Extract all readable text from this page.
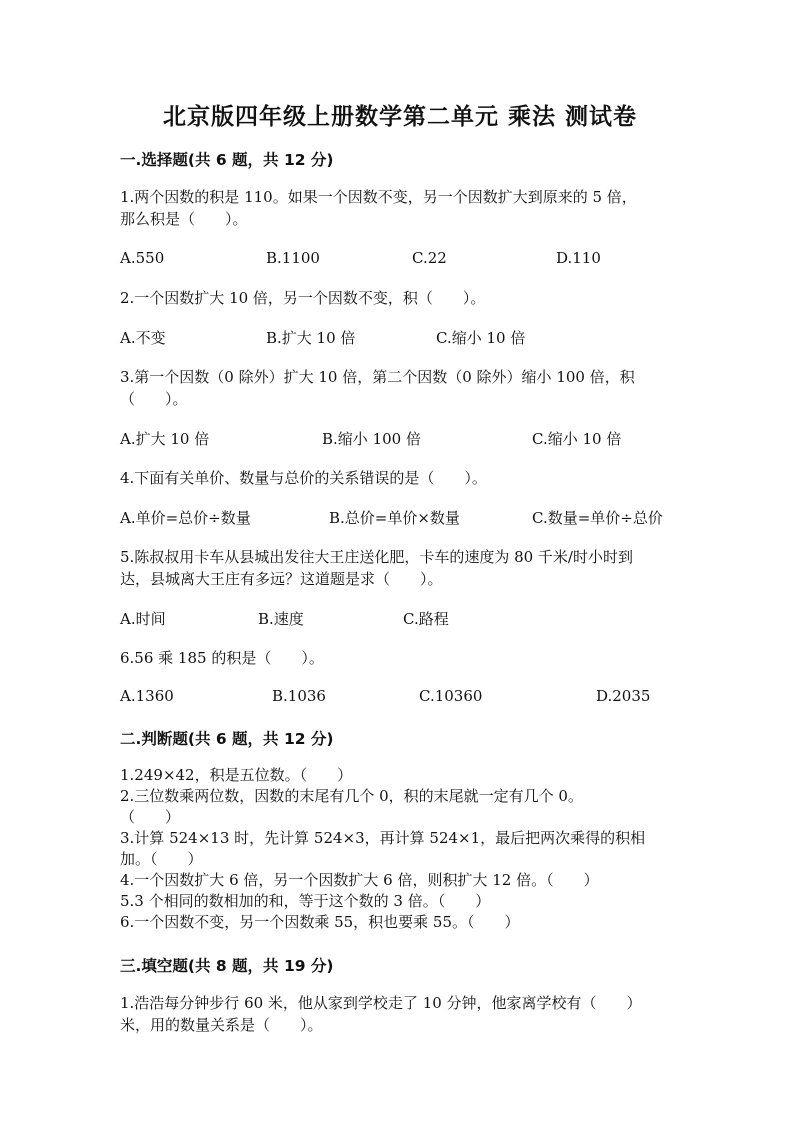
北京版四年级上册数学第二单元 乘法 测试卷
一.选择题(共 6 题，共 12 分)
1.两个因数的积是 110。如果一个因数不变，另一个因数扩大到原来的 5 倍，
那么积是（　　）。
A.550	B.1100	C.22	D.110
2.一个因数扩大 10 倍，另一个因数不变，积（　　）。
A.不变	B.扩大 10 倍	C.缩小 10 倍
3.第一个因数（0 除外）扩大 10 倍，第二个因数（0 除外）缩小 100 倍，积
（　　）。
A.扩大 10 倍	B.缩小 100 倍	C.缩小 10 倍
4.下面有关单价、数量与总价的关系错误的是（　　）。
A.单价=总价÷数量	B.总价=单价×数量	C.数量=单价÷总价
5.陈叔叔用卡车从县城出发往大王庄送化肥，卡车的速度为 80 千米/时小时到
达，县城离大王庄有多远？这道题是求（　　）。
A.时间	B.速度	C.路程
6.56 乘 185 的积是（　　）。
A.1360	B.1036	C.10360	D.2035
二.判断题(共 6 题，共 12 分)
1.249×42，积是五位数。（　　）
2.三位数乘两位数，因数的末尾有几个 0，积的末尾就一定有几个 0。
（　　）
3.计算 524×13 时，先计算 524×3，再计算 524×1，最后把两次乘得的积相
加。（　　）
4.一个因数扩大 6 倍，另一个因数扩大 6 倍，则积扩大 12 倍。（　　）
5.3 个相同的数相加的和，等于这个数的 3 倍。（　　）
6.一个因数不变，另一个因数乘 55，积也要乘 55。（　　）
三.填空题(共 8 题，共 19 分)
1.浩浩每分钟步行 60 米，他从家到学校走了 10 分钟，他家离学校有（　　）
米，用的数量关系是（　　）。
